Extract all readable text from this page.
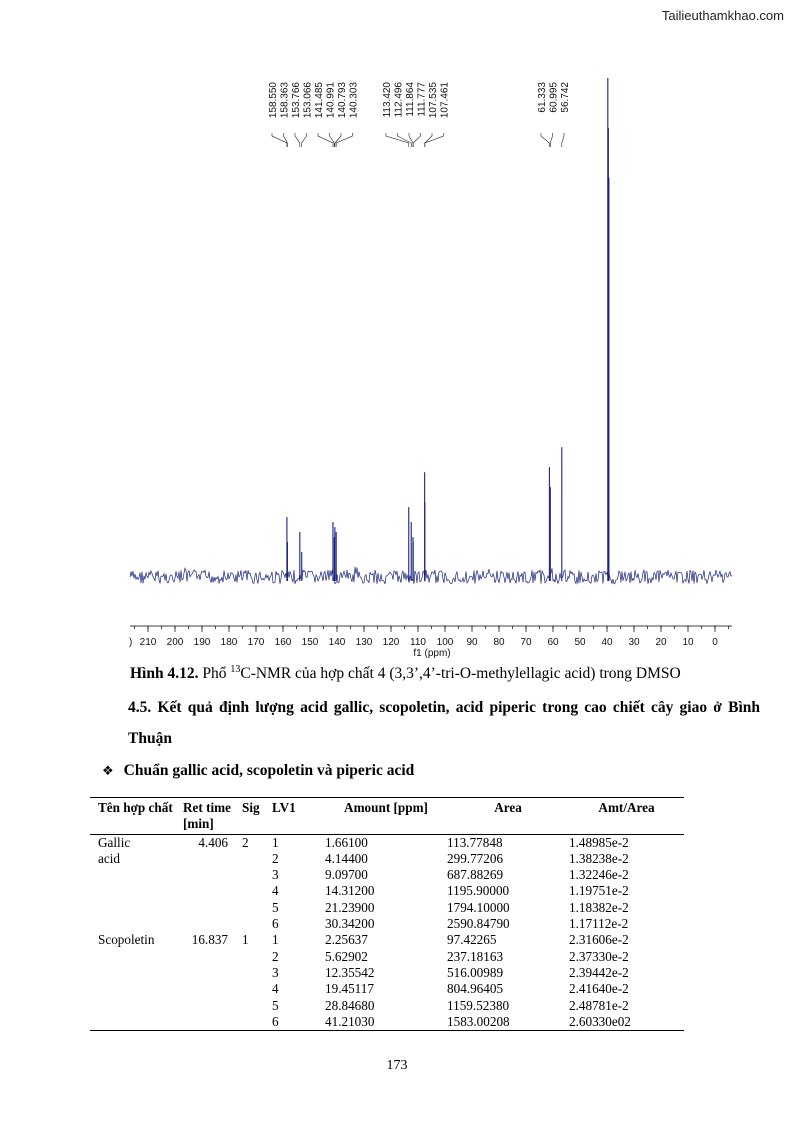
Tailieuthamkhao.com
158.550 158.363 153.766 153.066 141.485 140.991 140.793 140.303 113.420 112.496 111.864 111.777 107.535 107.461	61.333 60.995 56.742
210 200 190 180 170 160 150 140 130 120 110 100 90 80 70 60 50 40 30 20 10 0
)
f1 (ppm)
Hình 4.12. Phổ $^{13}$C-NMR của hợp chất 4 (3,3’,4’-tri-O-methylellagic acid) trong DMSO
4.5. Kết quả định lượng acid gallic, scopoletin, acid piperic trong cao chiết cây giao ở Bình Thuận
❖ Chuẩn gallic acid, scopoletin và piperic acid
Tên hợp chất	Ret time [min]	Sig	LV1	Amount [ppm]	Area	Amt/Area
Gallic	4.406	2	1	1.66100	113.77848	1.48985e-2
acid			2	4.14400	299.77206	1.38238e-2
			3	9.09700	687.88269	1.32246e-2
			4	14.31200	1195.90000	1.19751e-2
			5	21.23900	1794.10000	1.18382e-2
			6	30.34200	2590.84790	1.17112e-2
Scopoletin	16.837	1	1	2.25637	97.42265	2.31606e-2
			2	5.62902	237.18163	2.37330e-2
			3	12.35542	516.00989	2.39442e-2
			4	19.45117	804.96405	2.41640e-2
			5	28.84680	1159.52380	2.48781e-2
			6	41.21030	1583.00208	2.60330e02
173
